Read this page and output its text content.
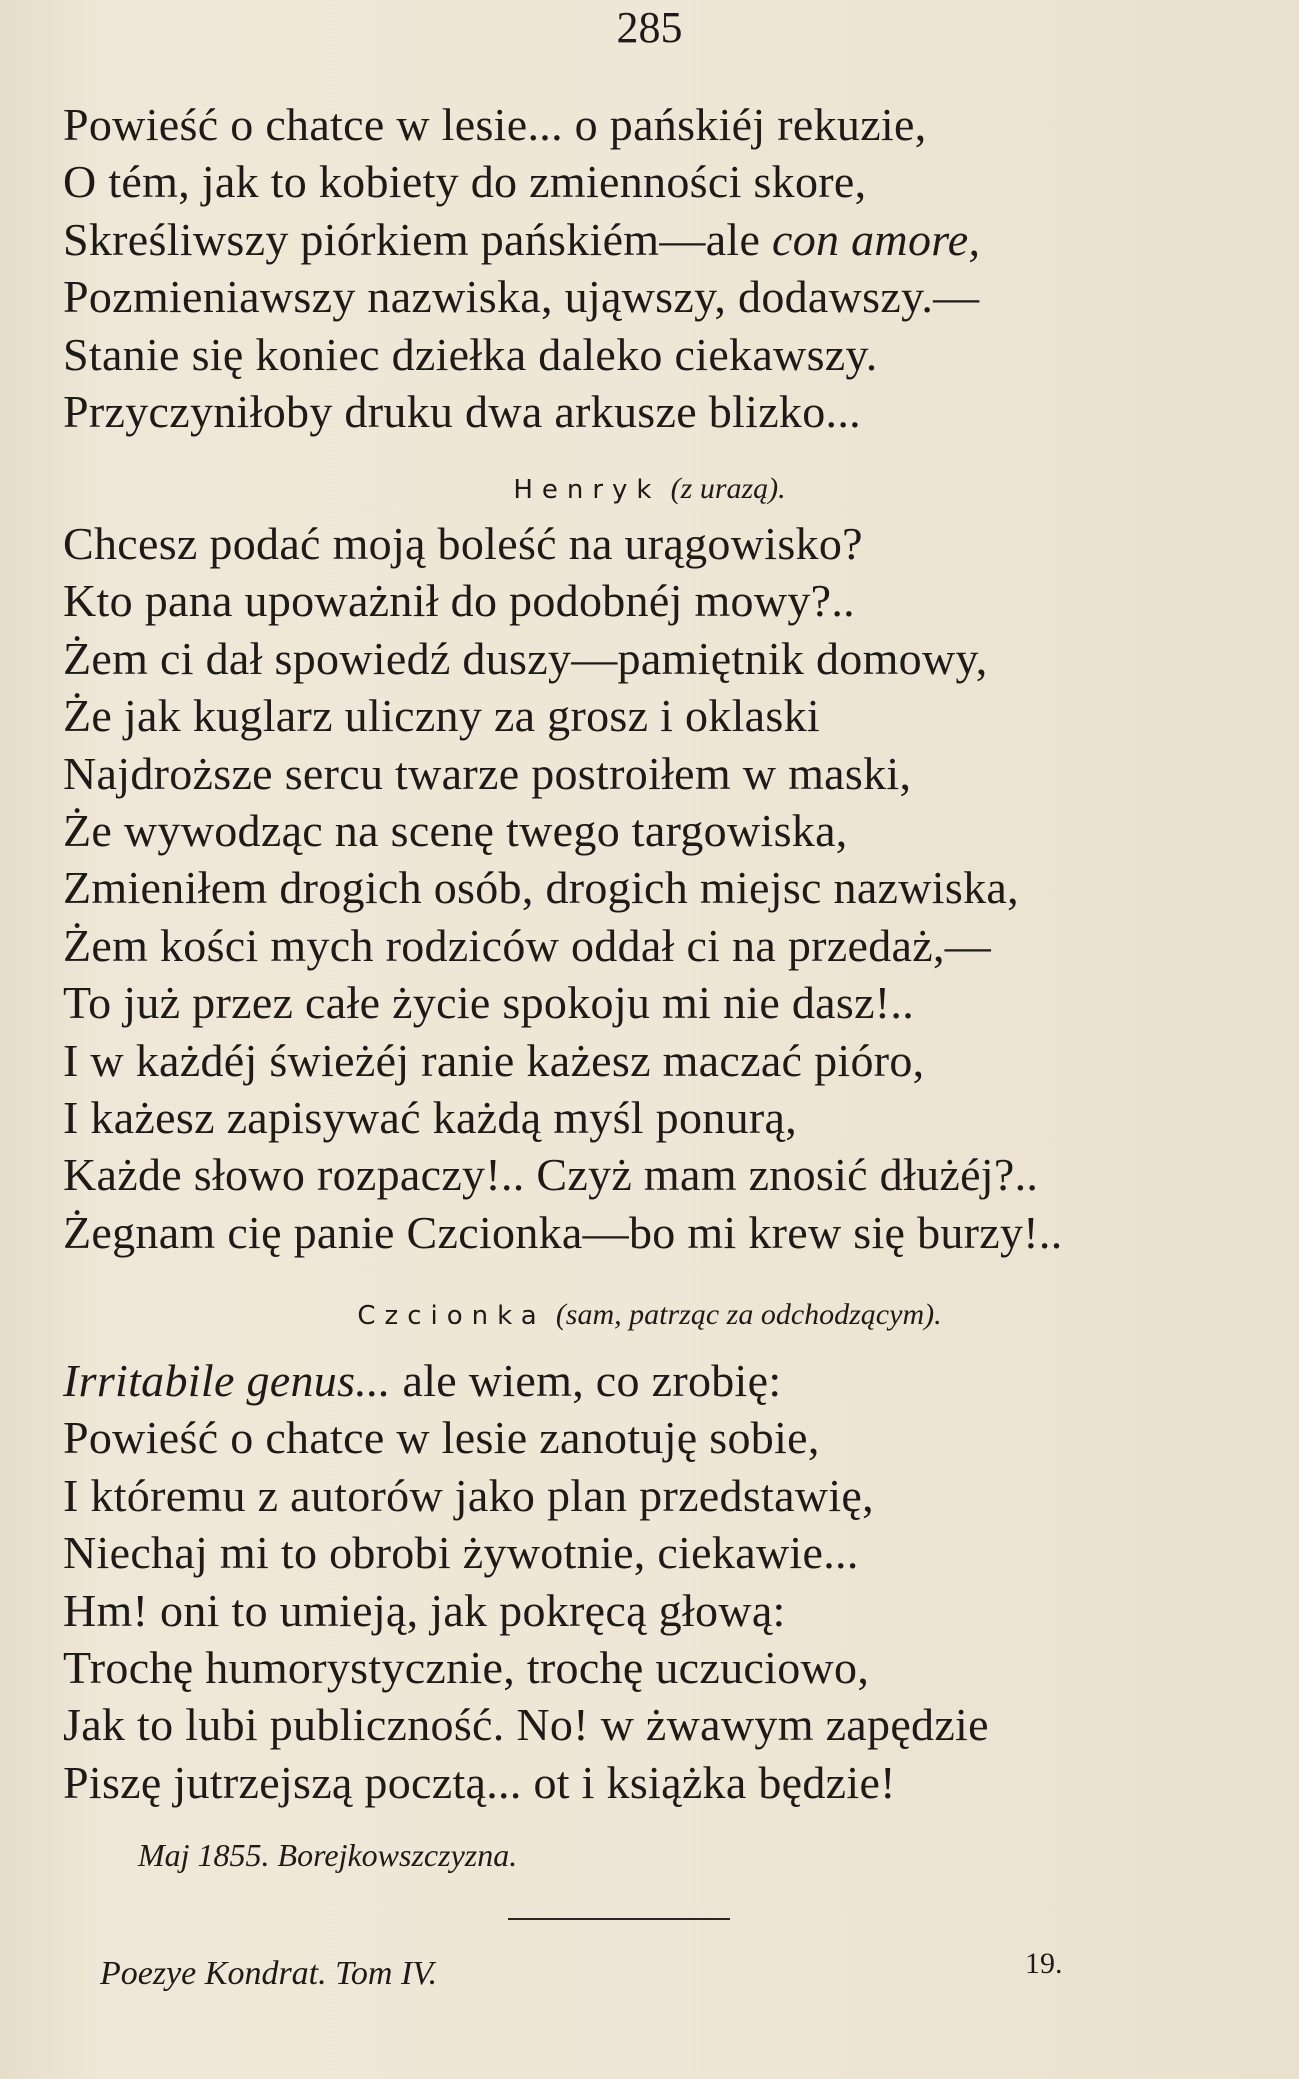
285
Powieść o chatce w lesie... o pańskiéj rekuzie,
O tém, jak to kobiety do zmienności skore,
Skreśliwszy piórkiem pańskiém—ale con amore,
Pozmieniawszy nazwiska, ująwszy, dodawszy.—
Stanie się koniec dziełka daleko ciekawszy.
Przyczyniłoby druku dwa arkusze blizko...
Henryk (z urazą).
Chcesz podać moją boleść na urągowisko?
Kto pana upoważnił do podobnéj mowy?..
Żem ci dał spowiedź duszy—pamiętnik domowy,
Że jak kuglarz uliczny za grosz i oklaski
Najdroższe sercu twarze postroiłem w maski,
Że wywodząc na scenę twego targowiska,
Zmieniłem drogich osób, drogich miejsc nazwiska,
Żem kości mych rodziców oddał ci na przedaż,—
To już przez całe życie spokoju mi nie dasz!..
I w każdéj świeżéj ranie każesz maczać pióro,
I każesz zapisywać każdą myśl ponurą,
Każde słowo rozpaczy!.. Czyż mam znosić dłużéj?..
Żegnam cię panie Czcionka—bo mi krew się burzy!..
Czcionka (sam, patrząc za odchodzącym).
Irritabile genus... ale wiem, co zrobię:
Powieść o chatce w lesie zanotuję sobie,
I któremu z autorów jako plan przedstawię,
Niechaj mi to obrobi żywotnie, ciekawie...
Hm! oni to umieją, jak pokręcą głową:
Trochę humorystycznie, trochę uczuciowo,
Jak to lubi publiczność. No! w żwawym zapędzie
Piszę jutrzejszą pocztą... ot i książka będzie!
Maj 1855. Borejkowszczyzna.
Poezye Kondrat. Tom IV.	19.
